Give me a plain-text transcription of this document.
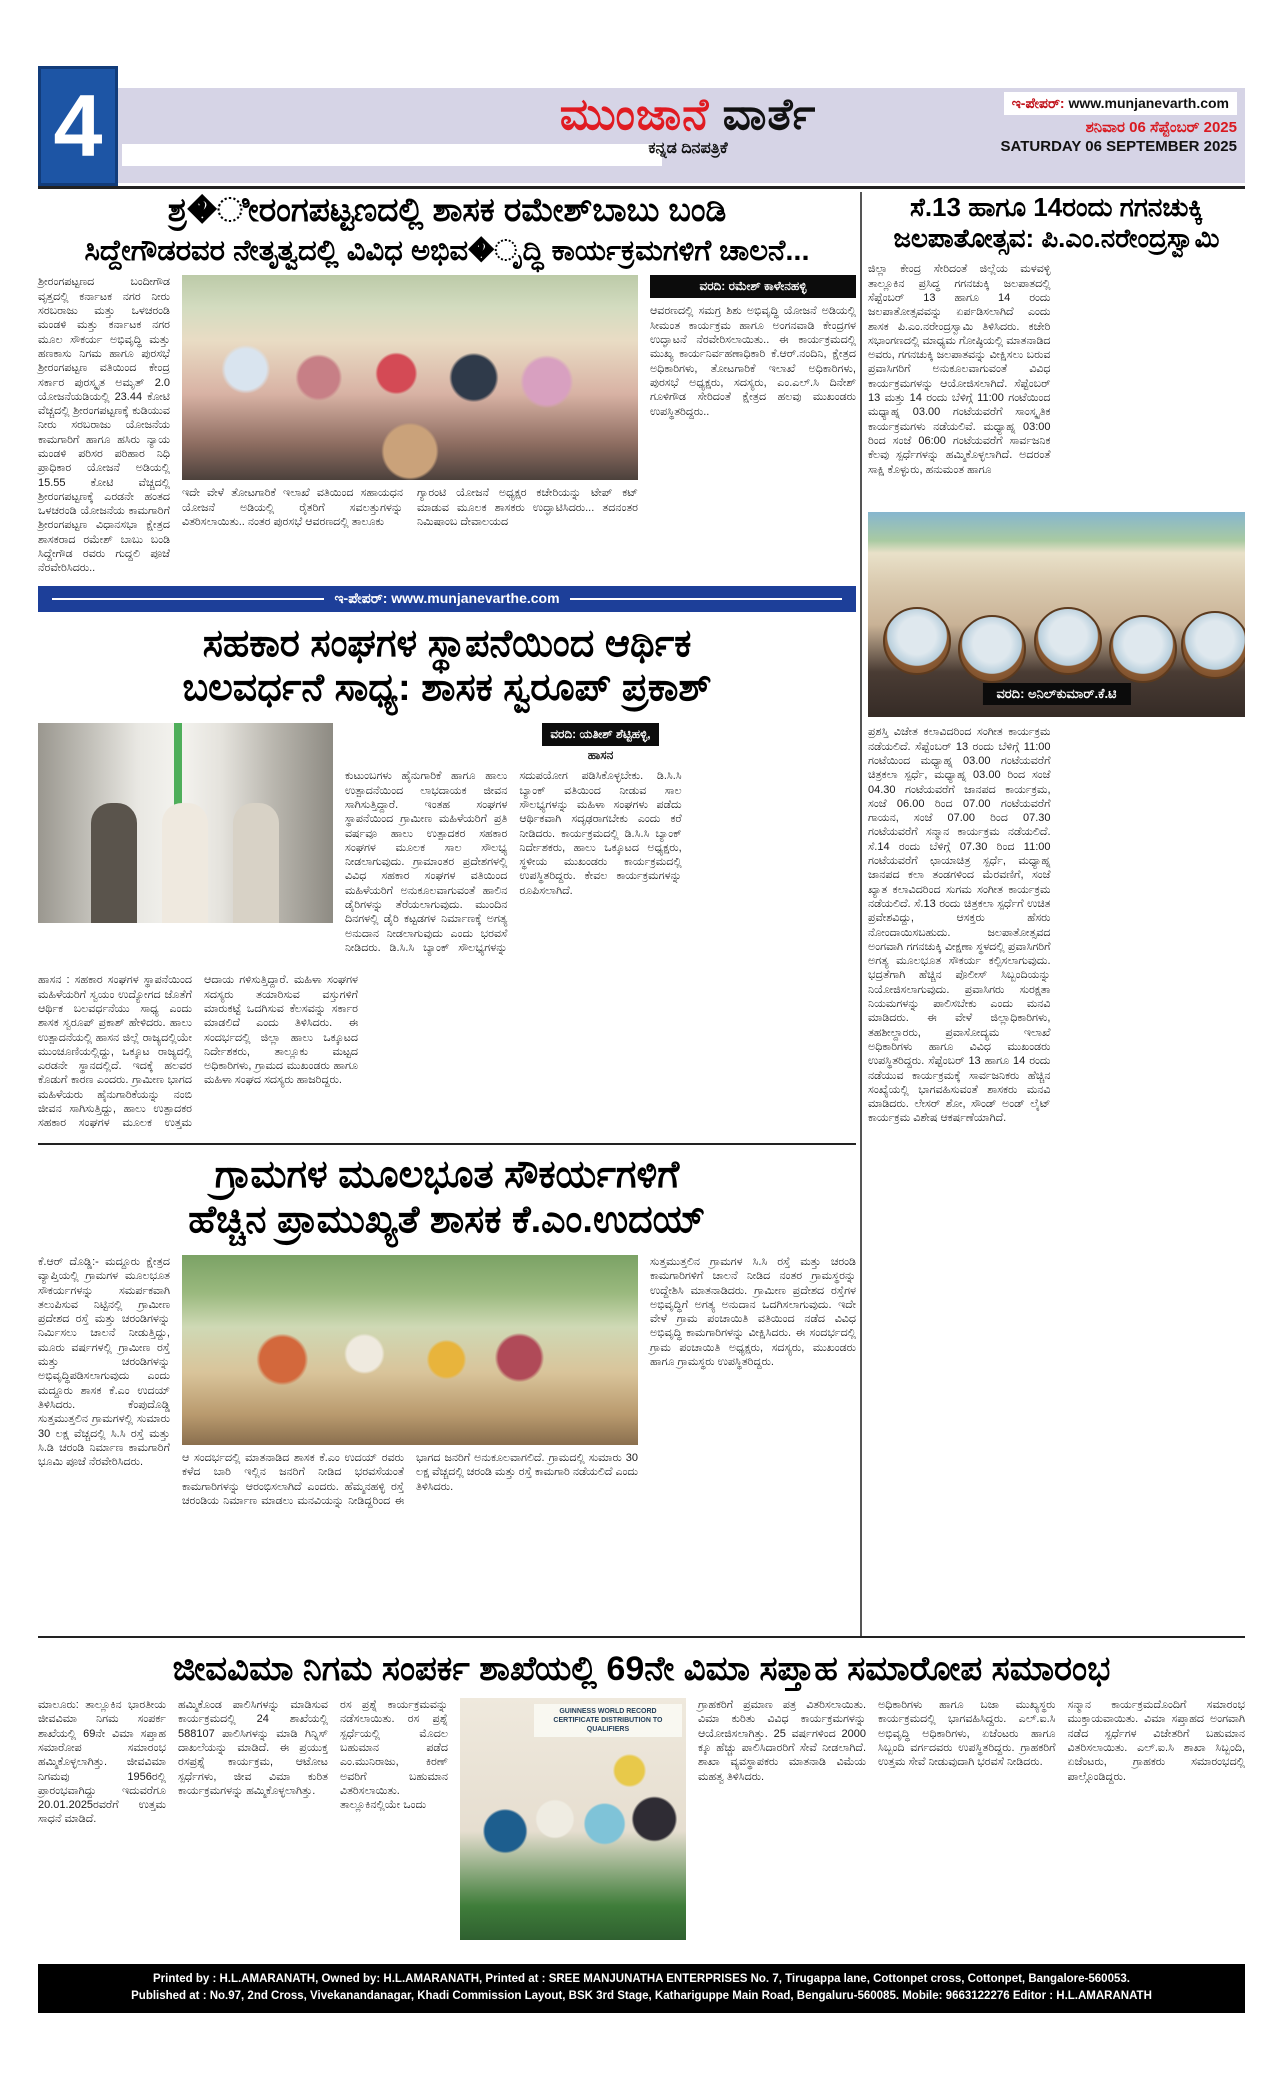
4	ಮುಂಜಾನೆ ವಾರ್ತೆ
ಕನ್ನಡ ದಿನಪತ್ರಿಕೆ
ಇ-ಪೇಪರ್: www.munjanevarth.com
ಶನಿವಾರ 06 ಸೆಪ್ಟೆಂಬರ್ 2025
SATURDAY 06 SEPTEMBER 2025
ಶ್ರ�ೀರಂಗಪಟ್ಟಣದಲ್ಲಿ ಶಾಸಕ ರಮೇಶ್‌ಬಾಬು ಬಂಡಿ
ಸಿದ್ದೇಗೌಡರವರ ನೇತೃತ್ವದಲ್ಲಿ ವಿವಿಧ ಅಭಿವ�ೃದ್ಧಿ ಕಾರ್ಯಕ್ರಮಗಳಿಗೆ ಚಾಲನೆ...
ಶ್ರೀರಂಗಪಟ್ಟಣದ ಬಂದೀಗೌಡ ವೃತ್ತದಲ್ಲಿ ಕರ್ನಾಟಕ ನಗರ ನೀರು ಸರಬರಾಜು ಮತ್ತು ಒಳಚರಂಡಿ ಮಂಡಳಿ ಮತ್ತು ಕರ್ನಾಟಕ ನಗರ ಮೂಲ ಸೌಕರ್ಯ ಅಭಿವೃದ್ಧಿ ಮತ್ತು ಹಣಕಾಸು ನಿಗಮ ಹಾಗೂ ಪುರಸಭೆ ಶ್ರೀರಂಗಪಟ್ಟಣ ವತಿಯಿಂದ ಕೇಂದ್ರ ಸರ್ಕಾರ ಪುರಸ್ಕೃತ ಅಮೃತ್ 2.0 ಯೋಜನೆಯಡಿಯಲ್ಲಿ 23.44 ಕೋಟಿ ವೆಚ್ಚದಲ್ಲಿ ಶ್ರೀರಂಗಪಟ್ಟಣಕ್ಕೆ ಕುಡಿಯುವ ನೀರು ಸರಬರಾಜು ಯೋಜನೆಯ ಕಾಮಗಾರಿಗೆ ಹಾಗೂ ಹಸಿರು ನ್ಯಾಯ ಮಂಡಳಿ ಪರಿಸರ ಪರಿಹಾರ ನಿಧಿ ಪ್ರಾಧಿಕಾರ ಯೋಜನೆ ಅಡಿಯಲ್ಲಿ 15.55 ಕೋಟಿ ವೆಚ್ಚದಲ್ಲಿ ಶ್ರೀರಂಗಪಟ್ಟಣಕ್ಕೆ ಎರಡನೇ ಹಂತದ ಒಳಚರಂಡಿ ಯೋಜನೆಯ ಕಾಮಗಾರಿಗೆ ಶ್ರೀರಂಗಪಟ್ಟಣ ವಿಧಾನಸಭಾ ಕ್ಷೇತ್ರದ ಶಾಸಕರಾದ ರಮೇಶ್ ಬಾಬು ಬಂಡಿ ಸಿದ್ದೇಗೌಡ ರವರು ಗುದ್ದಲಿ ಪೂಜೆ ನೆರವೇರಿಸಿದರು..
ಇದೇ ವೇಳೆ ತೋಟಗಾರಿಕೆ ಇಲಾಖೆ ವತಿಯಿಂದ ಸಹಾಯಧನ ಯೋಜನೆ ಅಡಿಯಲ್ಲಿ ರೈತರಿಗೆ ಸವಲತ್ತುಗಳನ್ನು ವಿತರಿಸಲಾಯಿತು.. ನಂತರ ಪುರಸಭೆ ಆವರಣದಲ್ಲಿ ತಾಲೂಕು
ಗ್ಯಾರಂಟಿ ಯೋಜನೆ ಅಧ್ಯಕ್ಷರ ಕಚೇರಿಯನ್ನು ಟೇಪ್ ಕಟ್ ಮಾಡುವ ಮೂಲಕ ಶಾಸಕರು ಉದ್ಘಾಟಿಸಿದರು... ತದನಂತರ ನಿಮಿಷಾಂಬ ದೇವಾಲಯದ
ವರದಿ: ರಮೇಶ್ ಕಾಳೇನಹಳ್ಳಿ
ಆವರಣದಲ್ಲಿ ಸಮಗ್ರ ಶಿಶು ಅಭಿವೃದ್ಧಿ ಯೋಜನೆ ಅಡಿಯಲ್ಲಿ ಸೀಮಂತ ಕಾರ್ಯಕ್ರಮ ಹಾಗೂ ಅಂಗನವಾಡಿ ಕೇಂದ್ರಗಳ ಉದ್ಘಾಟನೆ ನೆರವೇರಿಸಲಾಯಿತು.. ಈ ಕಾರ್ಯಕ್ರಮದಲ್ಲಿ ಮುಖ್ಯ ಕಾರ್ಯನಿರ್ವಹಣಾಧಿಕಾರಿ ಕೆ.ಆರ್.ನಂದಿನಿ, ಕ್ಷೇತ್ರದ ಅಧಿಕಾರಿಗಳು, ತೋಟಗಾರಿಕೆ ಇಲಾಖೆ ಅಧಿಕಾರಿಗಳು, ಪುರಸಭೆ ಅಧ್ಯಕ್ಷರು, ಸದಸ್ಯರು, ಎಂ.ಎಲ್.ಸಿ ದಿನೇಶ್ ಗೂಳಿಗೌಡ ಸೇರಿದಂತೆ ಕ್ಷೇತ್ರದ ಹಲವು ಮುಖಂಡರು ಉಪಸ್ಥಿತರಿದ್ದರು..
ಇ-ಪೇಪರ್: www.munjanevarthe.com
ಸಹಕಾರ ಸಂಘಗಳ ಸ್ಥಾಪನೆಯಿಂದ ಆರ್ಥಿಕ
ಬಲವರ್ಧನೆ ಸಾಧ್ಯ: ಶಾಸಕ ಸ್ವರೂಪ್ ಪ್ರಕಾಶ್
ವರದಿ: ಯತೀಶ್ ಶೆಟ್ಟಿಹಳ್ಳಿ,
ಹಾಸನ
ಕುಟುಂಬಗಳು ಹೈನುಗಾರಿಕೆ ಹಾಗೂ ಹಾಲು ಉತ್ಪಾದನೆಯಿಂದ ಲಾಭದಾಯಕ ಜೀವನ ಸಾಗಿಸುತ್ತಿದ್ದಾರೆ. ಇಂತಹ ಸಂಘಗಳ ಸ್ಥಾಪನೆಯಿಂದ ಗ್ರಾಮೀಣ ಮಹಿಳೆಯರಿಗೆ ಪ್ರತಿ ವರ್ಷವೂ ಹಾಲು ಉತ್ಪಾದಕರ ಸಹಕಾರ ಸಂಘಗಳ ಮೂಲಕ ಸಾಲ ಸೌಲಭ್ಯ ನೀಡಲಾಗುವುದು. ಗ್ರಾಮಾಂತರ ಪ್ರದೇಶಗಳಲ್ಲಿ ವಿವಿಧ ಸಹಕಾರ ಸಂಘಗಳ ವತಿಯಿಂದ ಮಹಿಳೆಯರಿಗೆ ಅನುಕೂಲವಾಗುವಂತೆ ಹಾಲಿನ ಡೈರಿಗಳನ್ನು ತೆರೆಯಲಾಗುವುದು. ಮುಂದಿನ ದಿನಗಳಲ್ಲಿ ಡೈರಿ ಕಟ್ಟಡಗಳ ನಿರ್ಮಾಣಕ್ಕೆ ಅಗತ್ಯ ಅನುದಾನ ನೀಡಲಾಗುವುದು ಎಂದು ಭರವಸೆ ನೀಡಿದರು. ಡಿ.ಸಿ.ಸಿ ಬ್ಯಾಂಕ್ ಸೌಲಭ್ಯಗಳನ್ನು ಸದುಪಯೋಗ ಪಡಿಸಿಕೊಳ್ಳಬೇಕು. ಡಿ.ಸಿ.ಸಿ ಬ್ಯಾಂಕ್ ವತಿಯಿಂದ ನೀಡುವ ಸಾಲ ಸೌಲಭ್ಯಗಳನ್ನು ಮಹಿಳಾ ಸಂಘಗಳು ಪಡೆದು ಆರ್ಥಿಕವಾಗಿ ಸದೃಢರಾಗಬೇಕು ಎಂದು ಕರೆ ನೀಡಿದರು. ಕಾರ್ಯಕ್ರಮದಲ್ಲಿ ಡಿ.ಸಿ.ಸಿ ಬ್ಯಾಂಕ್ ನಿರ್ದೇಶಕರು, ಹಾಲು ಒಕ್ಕೂಟದ ಅಧ್ಯಕ್ಷರು, ಸ್ಥಳೀಯ ಮುಖಂಡರು ಕಾರ್ಯಕ್ರಮದಲ್ಲಿ ಉಪಸ್ಥಿತರಿದ್ದರು. ಕೇವಲ ಕಾರ್ಯಕ್ರಮಗಳನ್ನು ರೂಪಿಸಲಾಗಿದೆ.
ಹಾಸನ : ಸಹಕಾರ ಸಂಘಗಳ ಸ್ಥಾಪನೆಯಿಂದ ಮಹಿಳೆಯರಿಗೆ ಸ್ವಯಂ ಉದ್ಯೋಗದ ಜೊತೆಗೆ ಆರ್ಥಿಕ ಬಲವರ್ಧನೆಯು ಸಾಧ್ಯ ಎಂದು ಶಾಸಕ ಸ್ವರೂಪ್ ಪ್ರಕಾಶ್ ಹೇಳಿದರು. ಹಾಲು ಉತ್ಪಾದನೆಯಲ್ಲಿ ಹಾಸನ ಜಿಲ್ಲೆ ರಾಜ್ಯದಲ್ಲಿಯೇ ಮುಂಚೂಣಿಯಲ್ಲಿದ್ದು, ಒಕ್ಕೂಟ ರಾಜ್ಯದಲ್ಲಿ ಎರಡನೇ ಸ್ಥಾನದಲ್ಲಿದೆ. ಇದಕ್ಕೆ ಹಲವರ ಕೊಡುಗೆ ಕಾರಣ ಎಂದರು. ಗ್ರಾಮೀಣ ಭಾಗದ ಮಹಿಳೆಯರು ಹೈನುಗಾರಿಕೆಯನ್ನು ನಂಬಿ ಜೀವನ ಸಾಗಿಸುತ್ತಿದ್ದು, ಹಾಲು ಉತ್ಪಾದಕರ ಸಹಕಾರ ಸಂಘಗಳ ಮೂಲಕ ಉತ್ತಮ ಆದಾಯ ಗಳಿಸುತ್ತಿದ್ದಾರೆ. ಮಹಿಳಾ ಸಂಘಗಳ ಸದಸ್ಯರು ತಯಾರಿಸುವ ವಸ್ತುಗಳಿಗೆ ಮಾರುಕಟ್ಟೆ ಒದಗಿಸುವ ಕೆಲಸವನ್ನು ಸರ್ಕಾರ ಮಾಡಲಿದೆ ಎಂದು ತಿಳಿಸಿದರು. ಈ ಸಂದರ್ಭದಲ್ಲಿ ಜಿಲ್ಲಾ ಹಾಲು ಒಕ್ಕೂಟದ ನಿರ್ದೇಶಕರು, ತಾಲ್ಲೂಕು ಮಟ್ಟದ ಅಧಿಕಾರಿಗಳು, ಗ್ರಾಮದ ಮುಖಂಡರು ಹಾಗೂ ಮಹಿಳಾ ಸಂಘದ ಸದಸ್ಯರು ಹಾಜರಿದ್ದರು.
ಗ್ರಾಮಗಳ ಮೂಲಭೂತ ಸೌಕರ್ಯಗಳಿಗೆ
ಹೆಚ್ಚಿನ ಪ್ರಾಮುಖ್ಯತೆ ಶಾಸಕ ಕೆ.ಎಂ.ಉದಯ್
ಕೆ.ಆರ್ ದೊಡ್ಡಿ:- ಮದ್ದೂರು ಕ್ಷೇತ್ರದ ವ್ಯಾಪ್ತಿಯಲ್ಲಿ ಗ್ರಾಮಗಳ ಮೂಲಭೂತ ಸೌಕರ್ಯಗಳನ್ನು ಸಮರ್ಪಕವಾಗಿ ತಲುಪಿಸುವ ನಿಟ್ಟಿನಲ್ಲಿ ಗ್ರಾಮೀಣ ಪ್ರದೇಶದ ರಸ್ತೆ ಮತ್ತು ಚರಂಡಿಗಳನ್ನು ನಿರ್ಮಿಸಲು ಚಾಲನೆ ನೀಡುತ್ತಿದ್ದು, ಮೂರು ವರ್ಷಗಳಲ್ಲಿ ಗ್ರಾಮೀಣ ರಸ್ತೆ ಮತ್ತು ಚರಂಡಿಗಳನ್ನು ಅಭಿವೃದ್ಧಿಪಡಿಸಲಾಗುವುದು ಎಂದು ಮದ್ದೂರು ಶಾಸಕ ಕೆ.ಎಂ ಉದಯ್ ತಿಳಿಸಿದರು. ಕೆಂಪುದೊಡ್ಡಿ ಸುತ್ತಮುತ್ತಲಿನ ಗ್ರಾಮಗಳಲ್ಲಿ ಸುಮಾರು 30 ಲಕ್ಷ ವೆಚ್ಚದಲ್ಲಿ ಸಿ.ಸಿ ರಸ್ತೆ ಮತ್ತು ಸಿ.ಡಿ ಚರಂಡಿ ನಿರ್ಮಾಣ ಕಾಮಗಾರಿಗೆ ಭೂಮಿ ಪೂಜೆ ನೆರವೇರಿಸಿದರು.	ಆ ಸಂದರ್ಭದಲ್ಲಿ ಮಾತನಾಡಿದ ಶಾಸಕ ಕೆ.ಎಂ ಉದಯ್ ರವರು ಕಳೆದ ಬಾರಿ ಇಲ್ಲಿನ ಜನರಿಗೆ ನೀಡಿದ ಭರವಸೆಯಂತೆ ಕಾಮಗಾರಿಗಳನ್ನು ಆರಂಭಿಸಲಾಗಿದೆ ಎಂದರು. ಹೆಮ್ಮನಹಳ್ಳಿ ರಸ್ತೆ ಚರಂಡಿಯ ನಿರ್ಮಾಣ ಮಾಡಲು ಮನವಿಯನ್ನು ನೀಡಿದ್ದರಿಂದ ಈ ಭಾಗದ ಜನರಿಗೆ ಅನುಕೂಲವಾಗಲಿದೆ. ಗ್ರಾಮದಲ್ಲಿ ಸುಮಾರು 30 ಲಕ್ಷ ವೆಚ್ಚದಲ್ಲಿ ಚರಂಡಿ ಮತ್ತು ರಸ್ತೆ ಕಾಮಗಾರಿ ನಡೆಯಲಿದೆ ಎಂದು ತಿಳಿಸಿದರು.
ಸುತ್ತಮುತ್ತಲಿನ ಗ್ರಾಮಗಳ ಸಿ.ಸಿ ರಸ್ತೆ ಮತ್ತು ಚರಂಡಿ ಕಾಮಗಾರಿಗಳಿಗೆ ಚಾಲನೆ ನೀಡಿದ ನಂತರ ಗ್ರಾಮಸ್ಥರನ್ನು ಉದ್ದೇಶಿಸಿ ಮಾತನಾಡಿದರು. ಗ್ರಾಮೀಣ ಪ್ರದೇಶದ ರಸ್ತೆಗಳ ಅಭಿವೃದ್ಧಿಗೆ ಅಗತ್ಯ ಅನುದಾನ ಒದಗಿಸಲಾಗುವುದು. ಇದೇ ವೇಳೆ ಗ್ರಾಮ ಪಂಚಾಯಿತಿ ವತಿಯಿಂದ ನಡೆದ ವಿವಿಧ ಅಭಿವೃದ್ಧಿ ಕಾಮಗಾರಿಗಳನ್ನು ವೀಕ್ಷಿಸಿದರು. ಈ ಸಂದರ್ಭದಲ್ಲಿ ಗ್ರಾಮ ಪಂಚಾಯಿತಿ ಅಧ್ಯಕ್ಷರು, ಸದಸ್ಯರು, ಮುಖಂಡರು ಹಾಗೂ ಗ್ರಾಮಸ್ಥರು ಉಪಸ್ಥಿತರಿದ್ದರು.
ಸೆ.13 ಹಾಗೂ 14ರಂದು ಗಗನಚುಕ್ಕಿ
ಜಲಪಾತೋತ್ಸವ: ಪಿ.ಎಂ.ನರೇಂದ್ರಸ್ವಾಮಿ
ಜಿಲ್ಲಾ ಕೇಂದ್ರ ಸೇರಿದಂತೆ ಜಿಲ್ಲೆಯ ಮಳವಳ್ಳಿ ತಾಲ್ಲೂಕಿನ ಪ್ರಸಿದ್ಧ ಗಗನಚುಕ್ಕಿ ಜಲಪಾತದಲ್ಲಿ ಸೆಪ್ಟೆಂಬರ್ 13 ಹಾಗೂ 14 ರಂದು ಜಲಪಾತೋತ್ಸವವನ್ನು ಏರ್ಪಡಿಸಲಾಗಿದೆ ಎಂದು ಶಾಸಕ ಪಿ.ಎಂ.ನರೇಂದ್ರಸ್ವಾಮಿ ತಿಳಿಸಿದರು. ಕಚೇರಿ ಸಭಾಂಗಣದಲ್ಲಿ ಮಾಧ್ಯಮ ಗೋಷ್ಠಿಯಲ್ಲಿ ಮಾತನಾಡಿದ ಅವರು, ಗಗನಚುಕ್ಕಿ ಜಲಪಾತವನ್ನು ವೀಕ್ಷಿಸಲು ಬರುವ ಪ್ರವಾಸಿಗರಿಗೆ ಅನುಕೂಲವಾಗುವಂತೆ ವಿವಿಧ ಕಾರ್ಯಕ್ರಮಗಳನ್ನು ಆಯೋಜಿಸಲಾಗಿದೆ. ಸೆಪ್ಟೆಂಬರ್ 13 ಮತ್ತು 14 ರಂದು ಬೆಳಿಗ್ಗೆ 11:00 ಗಂಟೆಯಿಂದ ಮಧ್ಯಾಹ್ನ 03.00 ಗಂಟೆಯವರೆಗೆ ಸಾಂಸ್ಕೃತಿಕ ಕಾರ್ಯಕ್ರಮಗಳು ನಡೆಯಲಿವೆ. ಮಧ್ಯಾಹ್ನ 03:00 ರಿಂದ ಸಂಜೆ 06:00 ಗಂಟೆಯವರೆಗೆ ಸಾರ್ವಜನಿಕ ಕೆಲವು ಸ್ಪರ್ಧೆಗಳನ್ನು ಹಮ್ಮಿಕೊಳ್ಳಲಾಗಿದೆ. ಅದರಂತೆ ಸಾಕ್ಷಿ ಕೊಳ್ಳುರು, ಹನುಮಂತ ಹಾಗೂ
ವರದಿ: ಅನಿಲ್‌ಕುಮಾರ್.ಕೆ.ಟಿ
ಪ್ರಶಸ್ತಿ ವಿಜೇತ ಕಲಾವಿದರಿಂದ ಸಂಗೀತ ಕಾರ್ಯಕ್ರಮ ನಡೆಯಲಿದೆ. ಸೆಪ್ಟೆಂಬರ್ 13 ರಂದು ಬೆಳಿಗ್ಗೆ 11:00 ಗಂಟೆಯಿಂದ ಮಧ್ಯಾಹ್ನ 03.00 ಗಂಟೆಯವರೆಗೆ ಚಿತ್ರಕಲಾ ಸ್ಪರ್ಧೆ, ಮಧ್ಯಾಹ್ನ 03.00 ರಿಂದ ಸಂಜೆ 04.30 ಗಂಟೆಯವರೆಗೆ ಜಾನಪದ ಕಾರ್ಯಕ್ರಮ, ಸಂಜೆ 06.00 ರಿಂದ 07.00 ಗಂಟೆಯವರೆಗೆ ಗಾಯನ, ಸಂಜೆ 07.00 ರಿಂದ 07.30 ಗಂಟೆಯವರೆಗೆ ಸನ್ಮಾನ ಕಾರ್ಯಕ್ರಮ ನಡೆಯಲಿದೆ. ಸೆ.14 ರಂದು ಬೆಳಿಗ್ಗೆ 07.30 ರಿಂದ 11:00 ಗಂಟೆಯವರೆಗೆ ಛಾಯಾಚಿತ್ರ ಸ್ಪರ್ಧೆ, ಮಧ್ಯಾಹ್ನ ಜಾನಪದ ಕಲಾ ತಂಡಗಳಿಂದ ಮೆರವಣಿಗೆ, ಸಂಜೆ ಖ್ಯಾತ ಕಲಾವಿದರಿಂದ ಸುಗಮ ಸಂಗೀತ ಕಾರ್ಯಕ್ರಮ ನಡೆಯಲಿದೆ. ಸೆ.13 ರಂದು ಚಿತ್ರಕಲಾ ಸ್ಪರ್ಧೆಗೆ ಉಚಿತ ಪ್ರವೇಶವಿದ್ದು, ಆಸಕ್ತರು ಹೆಸರು ನೋಂದಾಯಿಸಬಹುದು. ಜಲಪಾತೋತ್ಸವದ ಅಂಗವಾಗಿ ಗಗನಚುಕ್ಕಿ ವೀಕ್ಷಣಾ ಸ್ಥಳದಲ್ಲಿ ಪ್ರವಾಸಿಗರಿಗೆ ಅಗತ್ಯ ಮೂಲಭೂತ ಸೌಕರ್ಯ ಕಲ್ಪಿಸಲಾಗುವುದು. ಭದ್ರತೆಗಾಗಿ ಹೆಚ್ಚಿನ ಪೊಲೀಸ್ ಸಿಬ್ಬಂದಿಯನ್ನು ನಿಯೋಜಿಸಲಾಗುವುದು. ಪ್ರವಾಸಿಗರು ಸುರಕ್ಷತಾ ನಿಯಮಗಳನ್ನು ಪಾಲಿಸಬೇಕು ಎಂದು ಮನವಿ ಮಾಡಿದರು. ಈ ವೇಳೆ ಜಿಲ್ಲಾಧಿಕಾರಿಗಳು, ತಹಶೀಲ್ದಾರರು, ಪ್ರವಾಸೋದ್ಯಮ ಇಲಾಖೆ ಅಧಿಕಾರಿಗಳು ಹಾಗೂ ವಿವಿಧ ಮುಖಂಡರು ಉಪಸ್ಥಿತರಿದ್ದರು. ಸೆಪ್ಟೆಂಬರ್ 13 ಹಾಗೂ 14 ರಂದು ನಡೆಯುವ ಕಾರ್ಯಕ್ರಮಕ್ಕೆ ಸಾರ್ವಜನಿಕರು ಹೆಚ್ಚಿನ ಸಂಖ್ಯೆಯಲ್ಲಿ ಭಾಗವಹಿಸುವಂತೆ ಶಾಸಕರು ಮನವಿ ಮಾಡಿದರು. ಲೇಸರ್ ಶೋ, ಸೌಂಡ್ ಅಂಡ್ ಲೈಟ್ ಕಾರ್ಯಕ್ರಮ ವಿಶೇಷ ಆಕರ್ಷಣೆಯಾಗಿದೆ.
ಜೀವವಿಮಾ ನಿಗಮ ಸಂಪರ್ಕ ಶಾಖೆಯಲ್ಲಿ 69ನೇ ವಿಮಾ ಸಪ್ತಾಹ ಸಮಾರೋಪ ಸಮಾರಂಭ
ಮಾಲೂರು: ತಾಲ್ಲೂಕಿನ ಭಾರತೀಯ ಜೀವವಿಮಾ ನಿಗಮ ಸಂಪರ್ಕ ಶಾಖೆಯಲ್ಲಿ 69ನೇ ವಿಮಾ ಸಪ್ತಾಹ ಸಮಾರೋಪ ಸಮಾರಂಭ ಹಮ್ಮಿಕೊಳ್ಳಲಾಗಿತ್ತು. ಜೀವವಿಮಾ ನಿಗಮವು 1956ರಲ್ಲಿ ಪ್ರಾರಂಭವಾಗಿದ್ದು ಇದುವರೆಗೂ 20.01.2025ರವರೆಗೆ ಉತ್ತಮ ಸಾಧನೆ ಮಾಡಿದೆ.
ಹಮ್ಮಿಕೊಂಡ ಪಾಲಿಸಿಗಳನ್ನು ಮಾಡಿಸುವ ಕಾರ್ಯಕ್ರಮದಲ್ಲಿ 24 ಶಾಖೆಯಲ್ಲಿ 588107 ಪಾಲಿಸಿಗಳನ್ನು ಮಾಡಿ ಗಿನ್ನಿಸ್ ದಾಖಲೆಯನ್ನು ಮಾಡಿದೆ. ಈ ಪ್ರಯುಕ್ತ ರಸಪ್ರಶ್ನೆ ಕಾರ್ಯಕ್ರಮ, ಆಟೋಟ ಸ್ಪರ್ಧೆಗಳು, ಜೀವ ವಿಮಾ ಕುರಿತ ಕಾರ್ಯಕ್ರಮಗಳನ್ನು ಹಮ್ಮಿಕೊಳ್ಳಲಾಗಿತ್ತು.
ರಸ ಪ್ರಶ್ನೆ ಕಾರ್ಯಕ್ರಮವನ್ನು ನಡೆಸಲಾಯಿತು. ರಸ ಪ್ರಶ್ನೆ ಸ್ಪರ್ಧೆಯಲ್ಲಿ ಮೊದಲ ಬಹುಮಾನ ಪಡೆದ ಎಂ.ಮುನಿರಾಜು, ಕಿರಣ್ ಅವರಿಗೆ ಬಹುಮಾನ ವಿತರಿಸಲಾಯಿತು. ತಾಲ್ಲೂಕಿನಲ್ಲಿಯೇ ಒಂದು
GUINNESS WORLD RECORD
CERTIFICATE DISTRIBUTION TO QUALIFIERS
ಗ್ರಾಹಕರಿಗೆ ಪ್ರಮಾಣ ಪತ್ರ ವಿತರಿಸಲಾಯಿತು. ವಿಮಾ ಕುರಿತು ವಿವಿಧ ಕಾರ್ಯಕ್ರಮಗಳನ್ನು ಆಯೋಜಿಸಲಾಗಿತ್ತು. 25 ವರ್ಷಗಳಿಂದ 2000 ಕ್ಕೂ ಹೆಚ್ಚು ಪಾಲಿಸಿದಾರರಿಗೆ ಸೇವೆ ನೀಡಲಾಗಿದೆ. ಶಾಖಾ ವ್ಯವಸ್ಥಾಪಕರು ಮಾತನಾಡಿ ವಿಮೆಯ ಮಹತ್ವ ತಿಳಿಸಿದರು.
ಅಧಿಕಾರಿಗಳು ಹಾಗೂ ಬಜಾ ಮುಖ್ಯಸ್ಥರು ಕಾರ್ಯಕ್ರಮದಲ್ಲಿ ಭಾಗವಹಿಸಿದ್ದರು. ಎಲ್.ಐ.ಸಿ ಅಭಿವೃದ್ಧಿ ಅಧಿಕಾರಿಗಳು, ಏಜೆಂಟರು ಹಾಗೂ ಸಿಬ್ಬಂದಿ ವರ್ಗದವರು ಉಪಸ್ಥಿತರಿದ್ದರು. ಗ್ರಾಹಕರಿಗೆ ಉತ್ತಮ ಸೇವೆ ನೀಡುವುದಾಗಿ ಭರವಸೆ ನೀಡಿದರು.
ಸನ್ಮಾನ ಕಾರ್ಯಕ್ರಮದೊಂದಿಗೆ ಸಮಾರಂಭ ಮುಕ್ತಾಯವಾಯಿತು. ವಿಮಾ ಸಪ್ತಾಹದ ಅಂಗವಾಗಿ ನಡೆದ ಸ್ಪರ್ಧೆಗಳ ವಿಜೇತರಿಗೆ ಬಹುಮಾನ ವಿತರಿಸಲಾಯಿತು. ಎಲ್.ಐ.ಸಿ ಶಾಖಾ ಸಿಬ್ಬಂದಿ, ಏಜೆಂಟರು, ಗ್ರಾಹಕರು ಸಮಾರಂಭದಲ್ಲಿ ಪಾಲ್ಗೊಂಡಿದ್ದರು.
Printed by : H.L.AMARANATH, Owned by: H.L.AMARANATH, Printed at : SREE MANJUNATHA ENTERPRISES No. 7, Tirugappa lane, Cottonpet cross, Cottonpet, Bangalore-560053.
Published at : No.97, 2nd Cross, Vivekanandanagar, Khadi Commission Layout, BSK 3rd Stage, Kathariguppe Main Road, Bengaluru-560085. Mobile: 9663122276 Editor : H.L.AMARANATH
